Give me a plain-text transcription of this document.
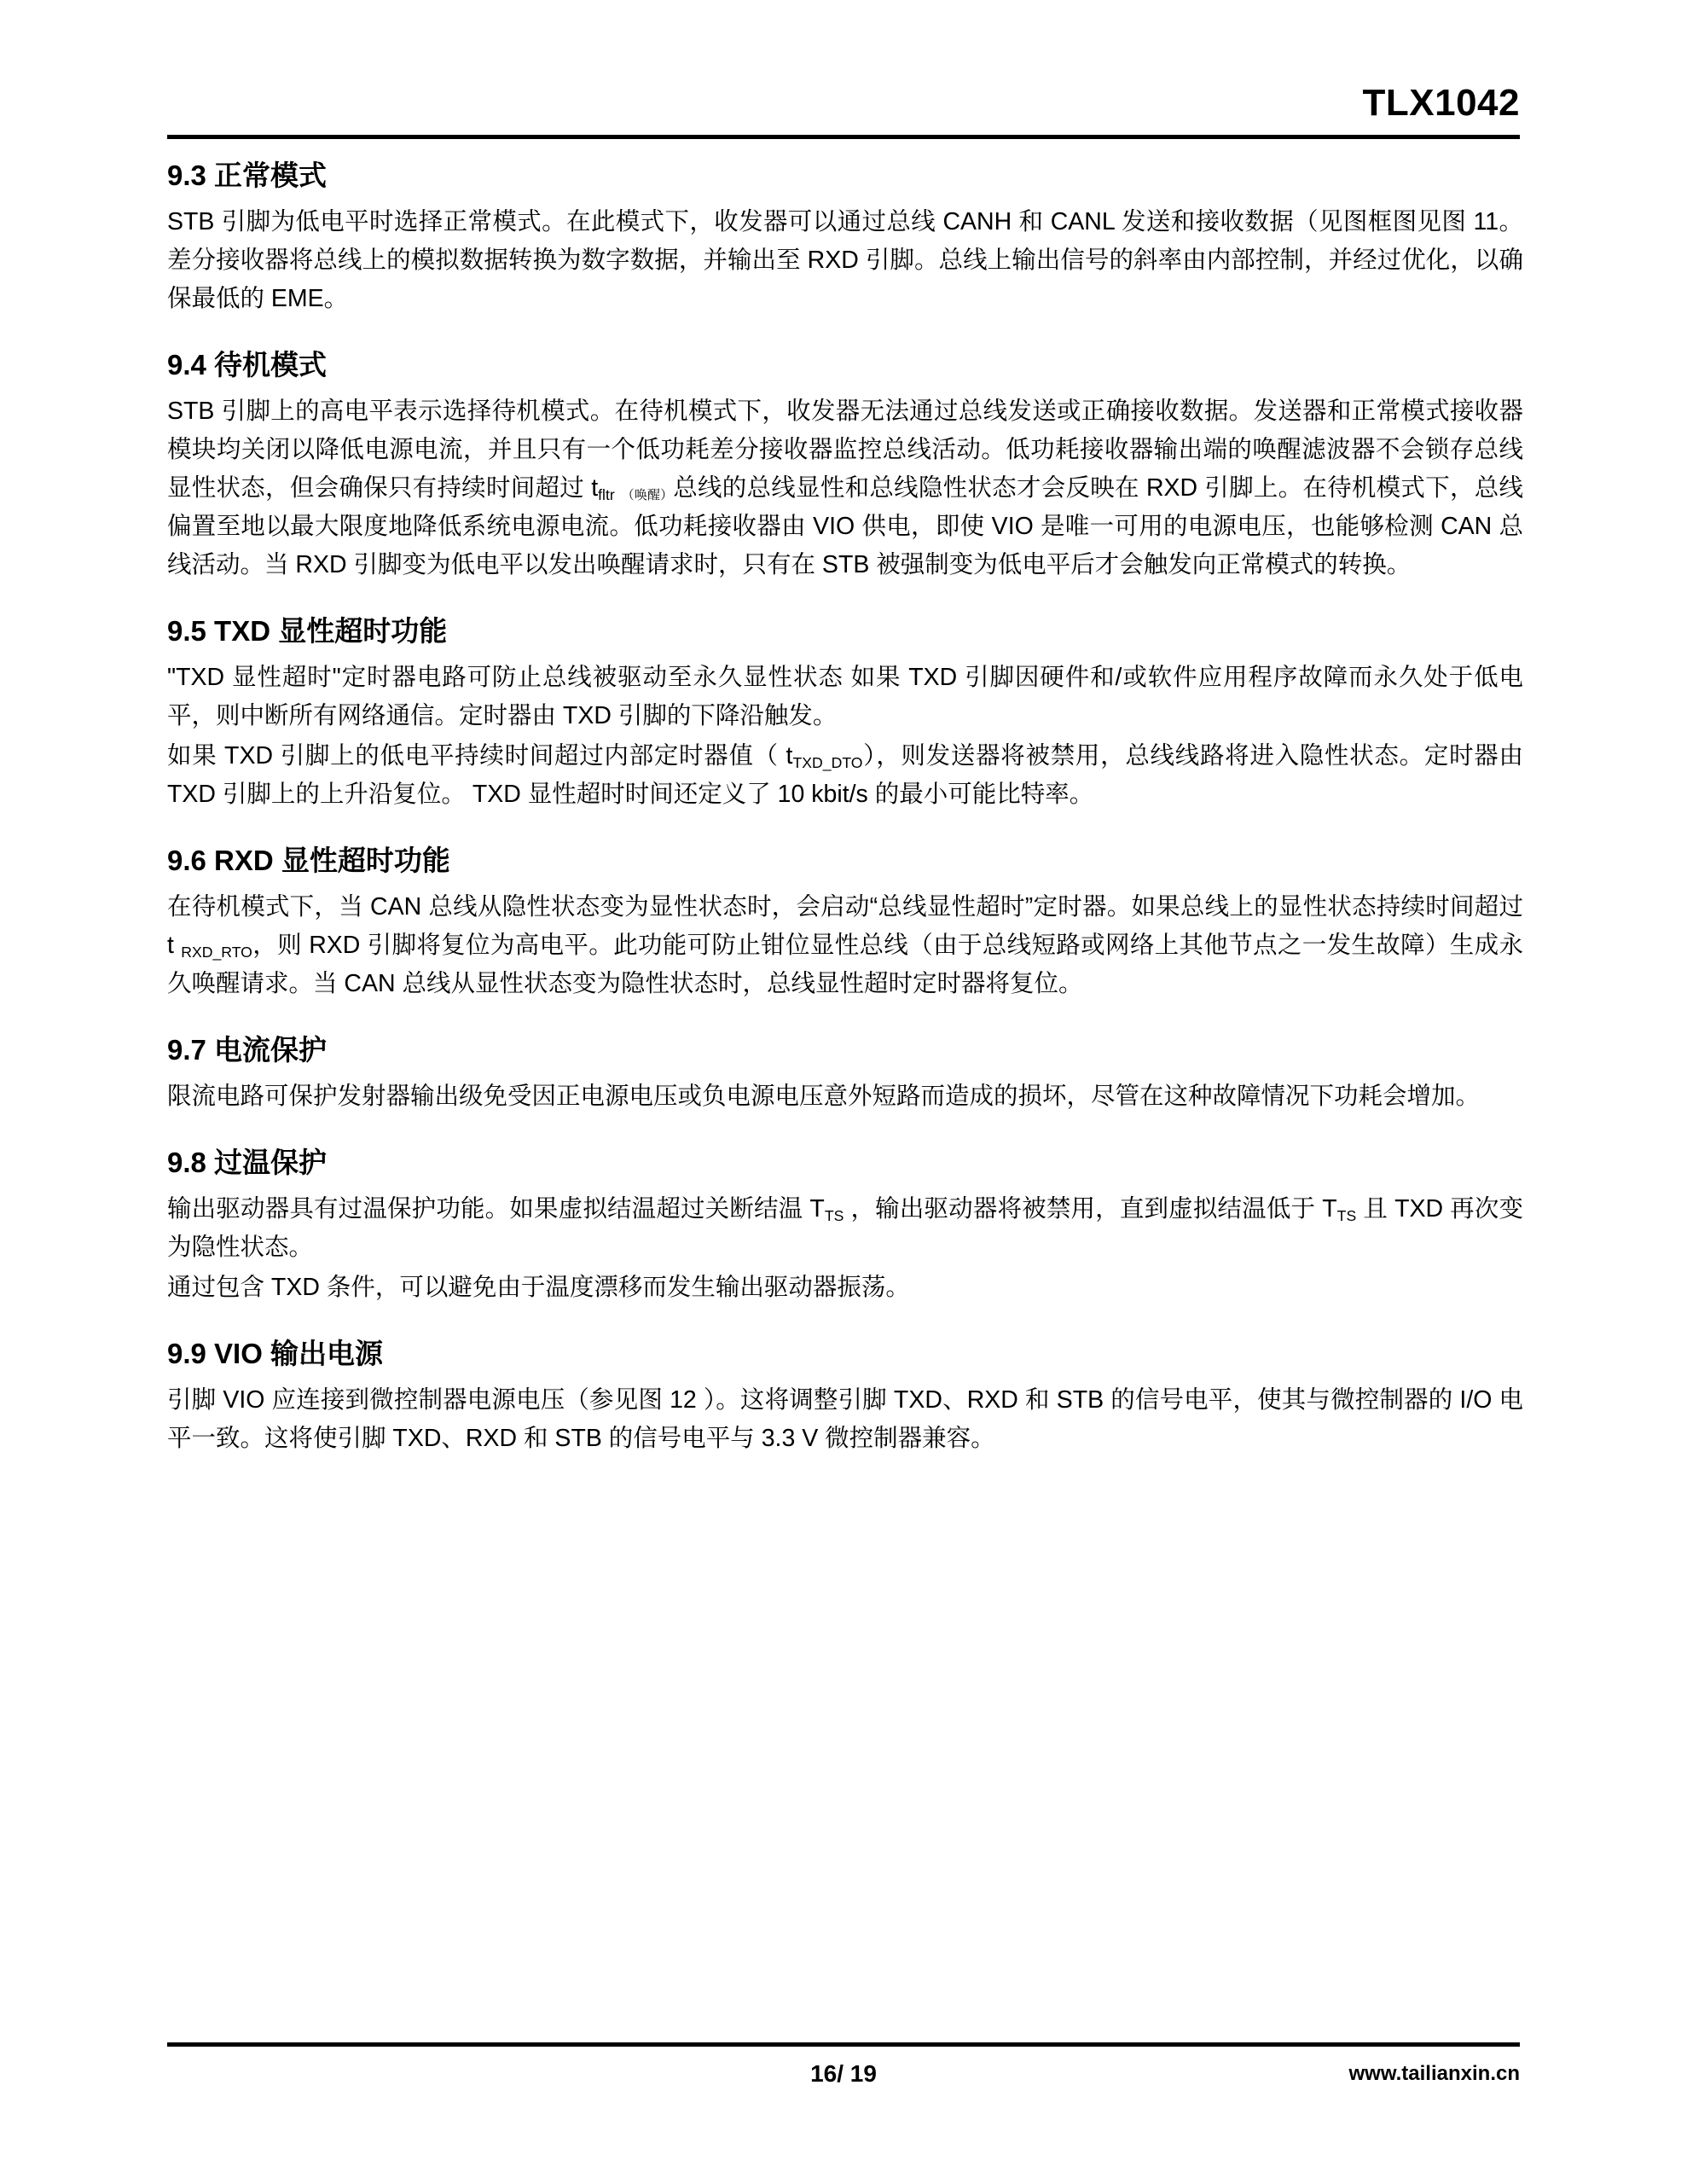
TLX1042
9.3 正常模式

STB 引脚为低电平时选择正常模式。在此模式下，收发器可以通过总线 CANH 和 CANL 发送和接收数据（见图框图见图 11。差分接收器将总线上的模拟数据转换为数字数据，并输出至 RXD 引脚。总线上输出信号的斜率由内部控制，并经过优化，以确保最低的 EME。

9.4 待机模式

STB 引脚上的高电平表示选择待机模式。在待机模式下，收发器无法通过总线发送或正确接收数据。发送器和正常模式接收器模块均关闭以降低电源电流，并且只有一个低功耗差分接收器监控总线活动。低功耗接收器输出端的唤醒滤波器不会锁存总线显性状态，但会确保只有持续时间超过 $t_{fltr}$ （唤醒）总线的总线显性和总线隐性状态才会反映在 RXD 引脚上。在待机模式下，总线偏置至地以最大限度地降低系统电源电流。低功耗接收器由 VIO 供电，即使 VIO 是唯一可用的电源电压，也能够检测 CAN 总线活动。当 RXD 引脚变为低电平以发出唤醒请求时，只有在 STB 被强制变为低电平后才会触发向正常模式的转换。

9.5 TXD 显性超时功能

"TXD 显性超时"定时器电路可防止总线被驱动至永久显性状态 如果 TXD 引脚因硬件和/或软件应用程序故障而永久处于低电平，则中断所有网络通信。定时器由 TXD 引脚的下降沿触发。

如果 TXD 引脚上的低电平持续时间超过内部定时器值（ $t_{TXD\_DTO}$），则发送器将被禁用，总线线路将进入隐性状态。定时器由 TXD 引脚上的上升沿复位。 TXD 显性超时时间还定义了 10 kbit/s 的最小可能比特率。

9.6 RXD 显性超时功能

在待机模式下，当 CAN 总线从隐性状态变为显性状态时，会启动“总线显性超时”定时器。如果总线上的显性状态持续时间超过 t $_{RXD\_RTO}$，则 RXD 引脚将复位为高电平。此功能可防止钳位显性总线（由于总线短路或网络上其他节点之一发生故障）生成永久唤醒请求。当 CAN 总线从显性状态变为隐性状态时，总线显性超时定时器将复位。

9.7 电流保护

限流电路可保护发射器输出级免受因正电源电压或负电源电压意外短路而造成的损坏，尽管在这种故障情况下功耗会增加。

9.8 过温保护

输出驱动器具有过温保护功能。如果虚拟结温超过关断结温 $T_{TS}$ ，输出驱动器将被禁用，直到虚拟结温低于 $T_{TS}$ 且 TXD 再次变为隐性状态。

通过包含 TXD 条件，可以避免由于温度漂移而发生输出驱动器振荡。

9.9 VIO 输出电源

引脚 VIO 应连接到微控制器电源电压（参见图 12 ）。这将调整引脚 TXD、RXD 和 STB 的信号电平，使其与微控制器的 I/O 电平一致。这将使引脚 TXD、RXD 和 STB 的信号电平与 3.3 V 微控制器兼容。

16/ 19	www.tailianxin.cn
